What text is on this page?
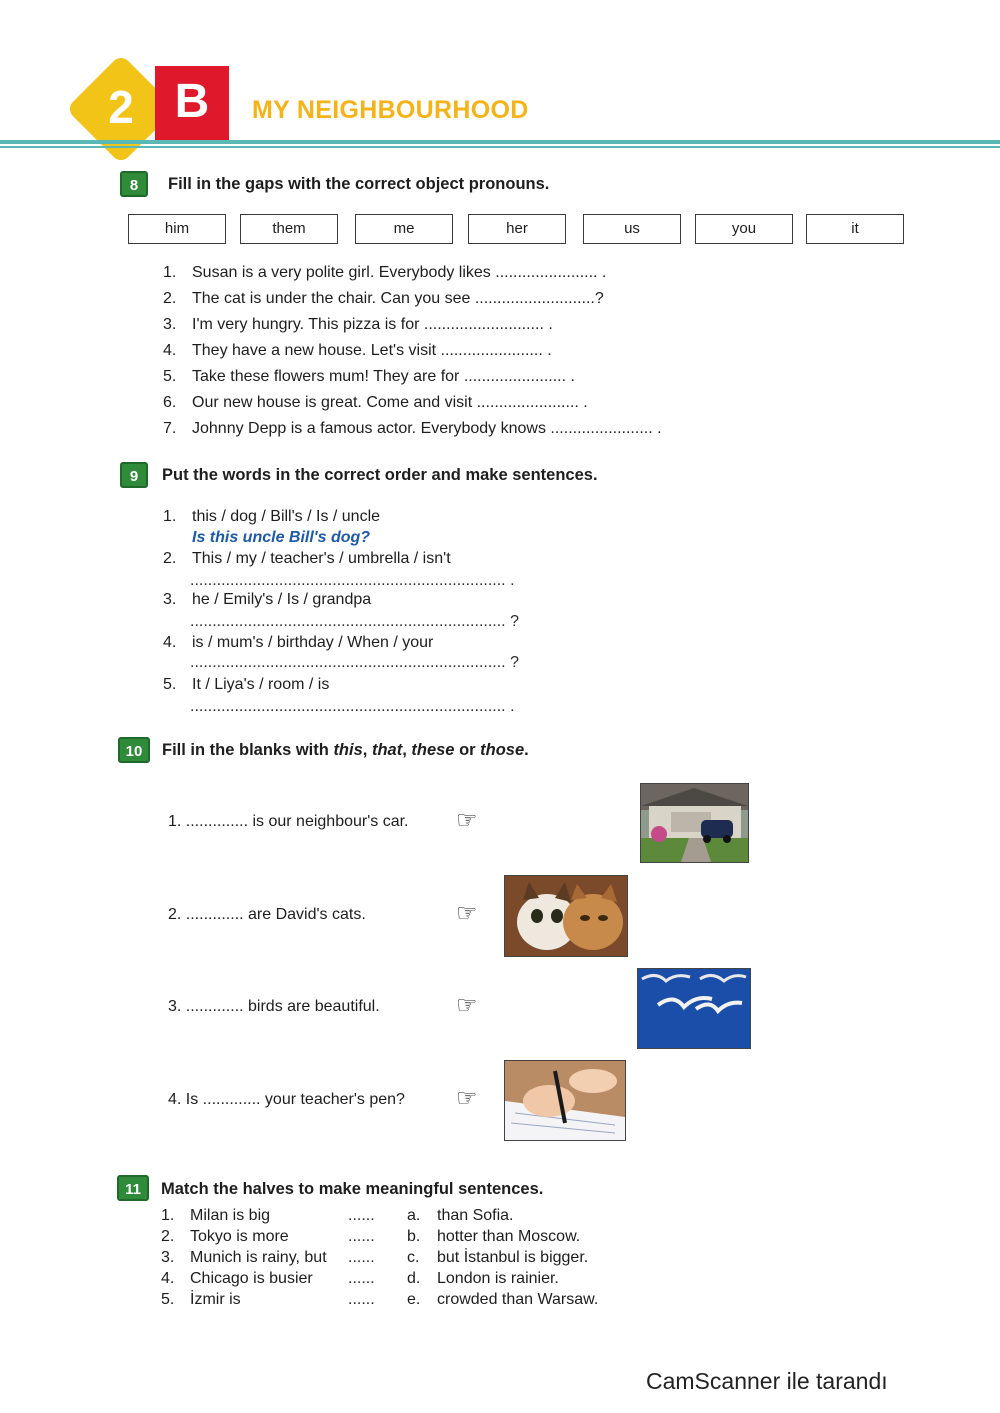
2 B	MY NEIGHBOURHOOD
8	Fill in the gaps with the correct object pronouns.
him	them	me	her	us	you	it
1. Susan is a very polite girl. Everybody likes ....................... .
2. The cat is under the chair. Can you see ...........................?
3. I'm very hungry. This pizza is for ........................... .
4. They have a new house. Let's visit ....................... .
5. Take these flowers mum! They are for ....................... .
6. Our new house is great. Come and visit ....................... .
7. Johnny Depp is a famous actor. Everybody knows ....................... .
9	Put the words in the correct order and make sentences.
1. this / dog / Bill's / Is / uncle
Is this uncle Bill's dog?
2. This / my / teacher's / umbrella / isn't
....................................................................... .
3. he / Emily's / Is / grandpa
....................................................................... ?
4. is / mum's / birthday / When / your
....................................................................... ?
5. It / Liya's / room / is
....................................................................... .
10	Fill in the blanks with this, that, these or those.
1. .............. is our neighbour's car. ☞
2. ............. are David's cats.	☞
3. ............. birds are beautiful.	☞
4. Is ............. your teacher's pen? ☞
11	Match the halves to make meaningful sentences.
1. Milan is big	...... a. than Sofia.
2. Tokyo is more	...... b. hotter than Moscow.
3. Munich is rainy, but ...... c. but İstanbul is bigger.
4. Chicago is busier ...... d. London is rainier.
5. İzmir is	...... e. crowded than Warsaw.
CamScanner ile tarandı
